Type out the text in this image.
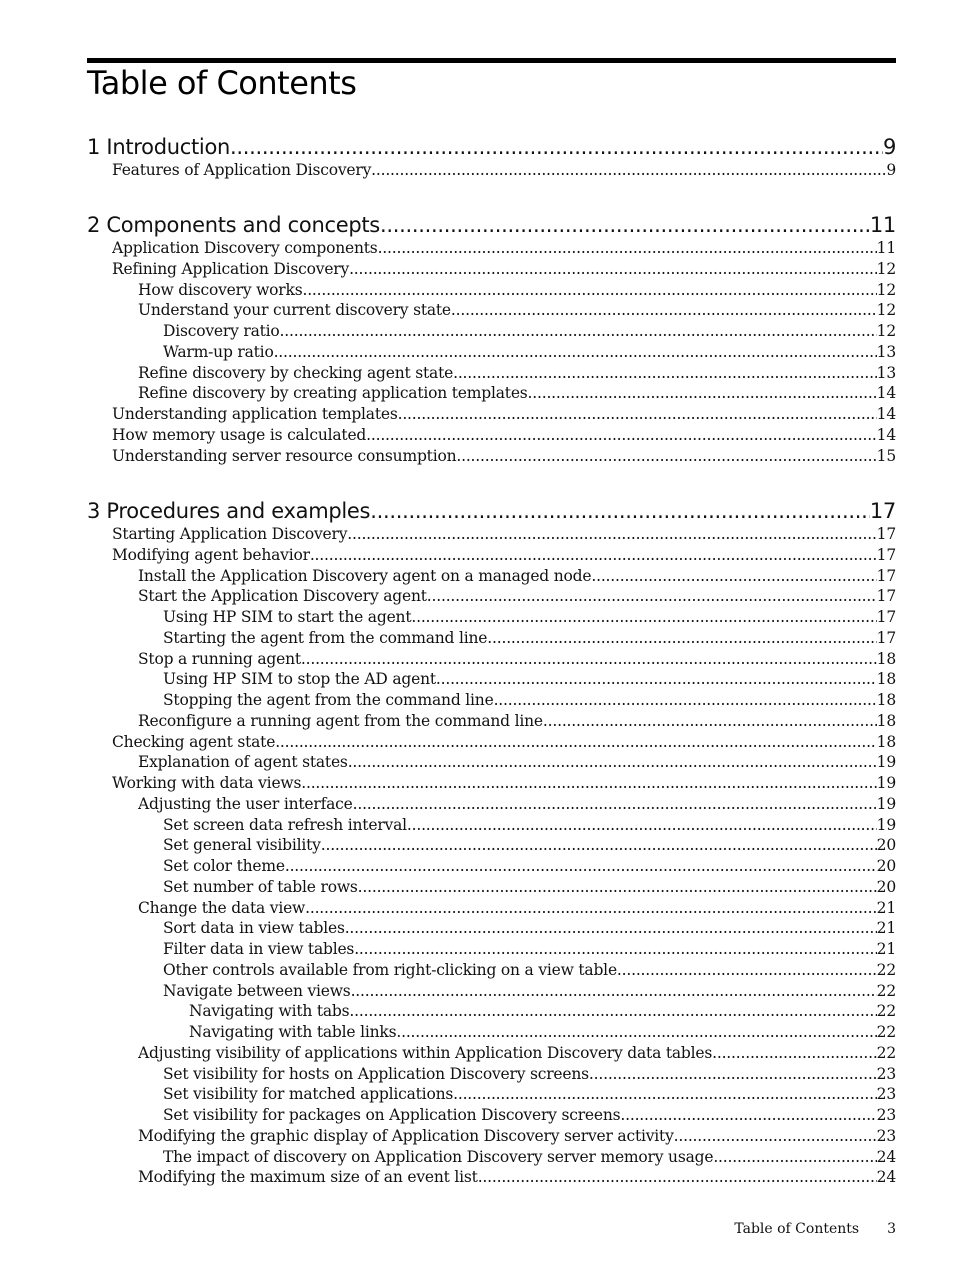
Table of Contents
1 Introduction .....	9
Features of Application Discovery .....	9
2 Components and concepts .....	11
Application Discovery components .....	11
Refining Application Discovery .....	12
How discovery works .....	12
Understand your current discovery state .....	12
Discovery ratio .....	12
Warm-up ratio .....	13
Refine discovery by checking agent state .....	13
Refine discovery by creating application templates .....	14
Understanding application templates .....	14
How memory usage is calculated .....	14
Understanding server resource consumption .....	15
3 Procedures and examples .....	17
Starting Application Discovery .....	17
Modifying agent behavior .....	17
Install the Application Discovery agent on a managed node .....	17
Start the Application Discovery agent .....	17
Using HP SIM to start the agent .....	17
Starting the agent from the command line .....	17
Stop a running agent .....	18
Using HP SIM to stop the AD agent .....	18
Stopping the agent from the command line .....	18
Reconfigure a running agent from the command line .....	18
Checking agent state .....	18
Explanation of agent states .....	19
Working with data views .....	19
Adjusting the user interface .....	19
Set screen data refresh interval .....	19
Set general visibility .....	20
Set color theme .....	20
Set number of table rows .....	20
Change the data view .....	21
Sort data in view tables .....	21
Filter data in view tables .....	21
Other controls available from right-clicking on a view table .....	22
Navigate between views .....	22
Navigating with tabs .....	22
Navigating with table links .....	22
Adjusting visibility of applications within Application Discovery data tables .....	22
Set visibility for hosts on Application Discovery screens .....	23
Set visibility for matched applications .....	23
Set visibility for packages on Application Discovery screens .....	23
Modifying the graphic display of Application Discovery server activity .....	23
The impact of discovery on Application Discovery server memory usage .....	24
Modifying the maximum size of an event list .....	24
Table of Contents 3
